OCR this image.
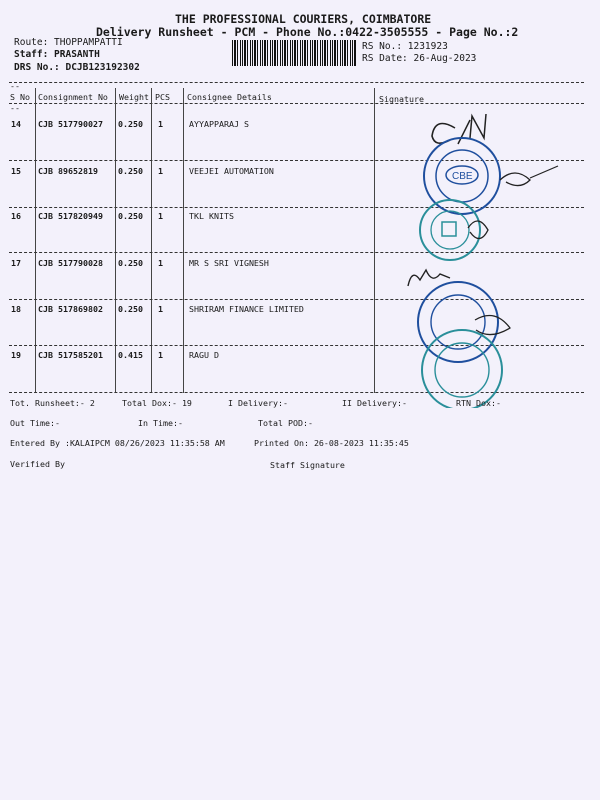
THE PROFESSIONAL COURIERS, COIMBATORE
Delivery Runsheet - PCM - Phone No.:0422-3505555 - Page No.:2
Route: THOPPAMPATTI
Staff: PRASANTH
DRS No.: DCJB123192302
RS No.: 1231923
RS Date: 26-Aug-2023
--
S No Consignment No Weight PCS Consignee Details	Signature
--
14 CJB 517790027 0.250 1	AYYAPPARAJ S
15 CJB 89652819 0.250 1	VEEJEI AUTOMATION
16 CJB 517820949 0.250 1	TKL KNITS
17 CJB 517790028 0.250 1	MR S SRI VIGNESH
18 CJB 517869802 0.250 1	SHRIRAM FINANCE LIMITED
19 CJB 517585201 0.415 1	RAGU D
CBE
Tot. Runsheet:- 2	Total Dox:- 19	I Delivery:-	II Delivery:-	RTN Dox:-
Out Time:-	In Time:-	Total POD:-
Entered By :KALAIPCM 08/26/2023 11:35:58 AM	Printed On: 26-08-2023 11:35:45
Verified By	Staff Signature
